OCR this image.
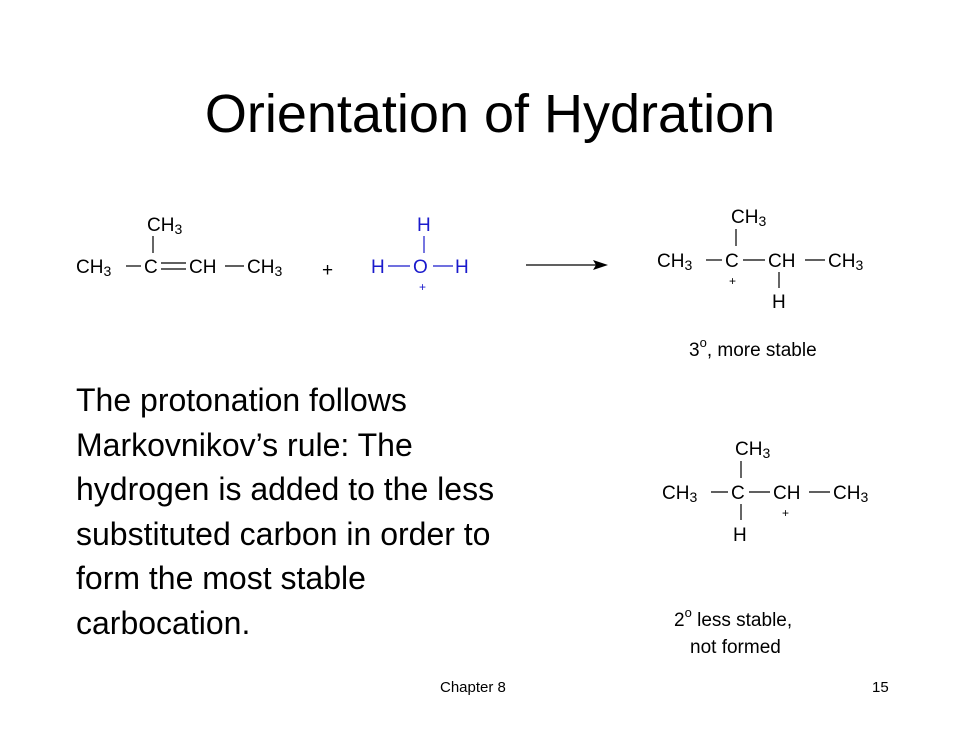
Orientation of Hydration
CH3
CH3 C CH CH3 +
H
H O H
+
CH3
CH3 C
+
CH
H
CH3
3$^o$, more stable
CH3
CH3 C
H
CH
+
CH3
2$^o$ less stable,
not formed
The protonation follows Markovnikov’s rule: The hydrogen is added to the less substituted carbon in order to form the most stable carbocation.
Chapter 8	15
